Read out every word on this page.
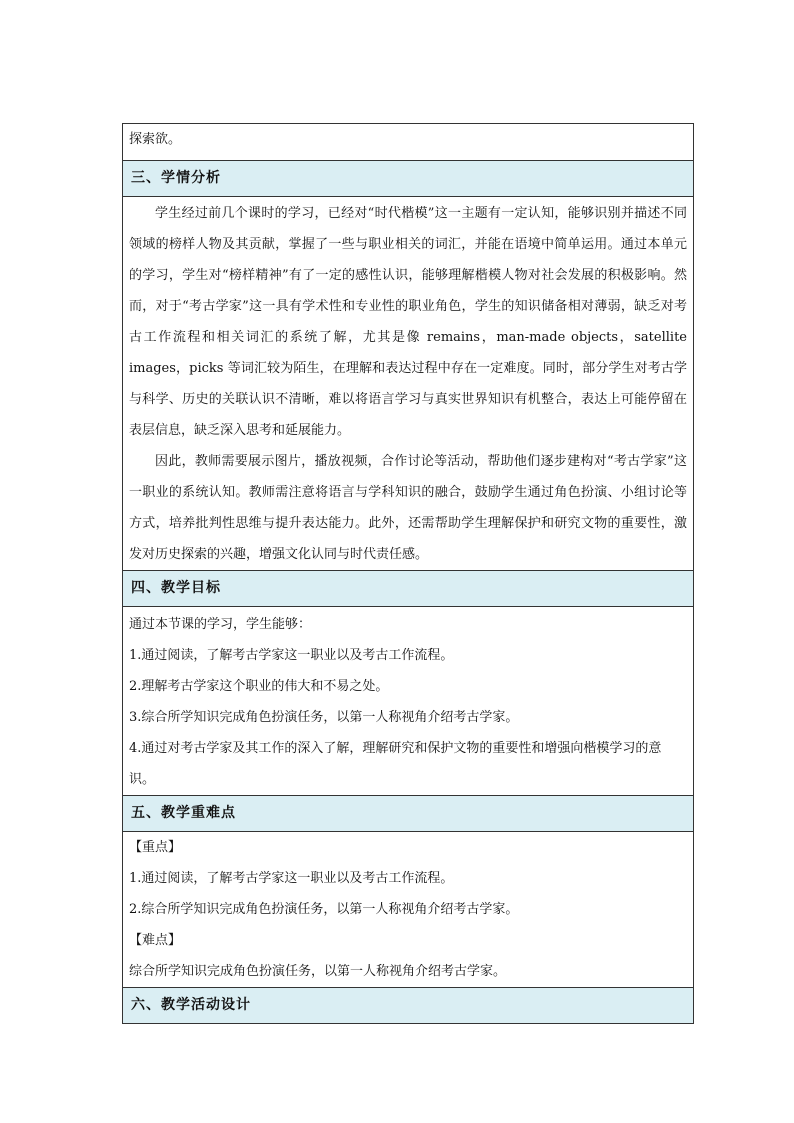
探索欲。
三、学情分析

学生经过前几个课时的学习，已经对“时代楷模”这一主题有一定认知，能够识别并描述不同领域的榜样人物及其贡献，掌握了一些与职业相关的词汇，并能在语境中简单运用。通过本单元的学习，学生对“榜样精神”有了一定的感性认识，能够理解楷模人物对社会发展的积极影响。然而，对于“考古学家”这一具有学术性和专业性的职业角色，学生的知识储备相对薄弱，缺乏对考古工作流程和相关词汇的系统了解，尤其是像 remains，man-made objects，satellite images，picks 等词汇较为陌生，在理解和表达过程中存在一定难度。同时，部分学生对考古学与科学、历史的关联认识不清晰，难以将语言学习与真实世界知识有机整合，表达上可能停留在表层信息，缺乏深入思考和延展能力。

因此，教师需要展示图片，播放视频，合作讨论等活动，帮助他们逐步建构对“考古学家”这一职业的系统认知。教师需注意将语言与学科知识的融合，鼓励学生通过角色扮演、小组讨论等方式，培养批判性思维与提升表达能力。此外，还需帮助学生理解保护和研究文物的重要性，激发对历史探索的兴趣，增强文化认同与时代责任感。

四、教学目标

通过本节课的学习，学生能够：

1.通过阅读，了解考古学家这一职业以及考古工作流程。

2.理解考古学家这个职业的伟大和不易之处。

3.综合所学知识完成角色扮演任务，以第一人称视角介绍考古学家。

4.通过对考古学家及其工作的深入了解，理解研究和保护文物的重要性和增强向楷模学习的意识。

五、教学重难点

【重点】

1.通过阅读，了解考古学家这一职业以及考古工作流程。

2.综合所学知识完成角色扮演任务，以第一人称视角介绍考古学家。

【难点】

综合所学知识完成角色扮演任务，以第一人称视角介绍考古学家。

六、教学活动设计
